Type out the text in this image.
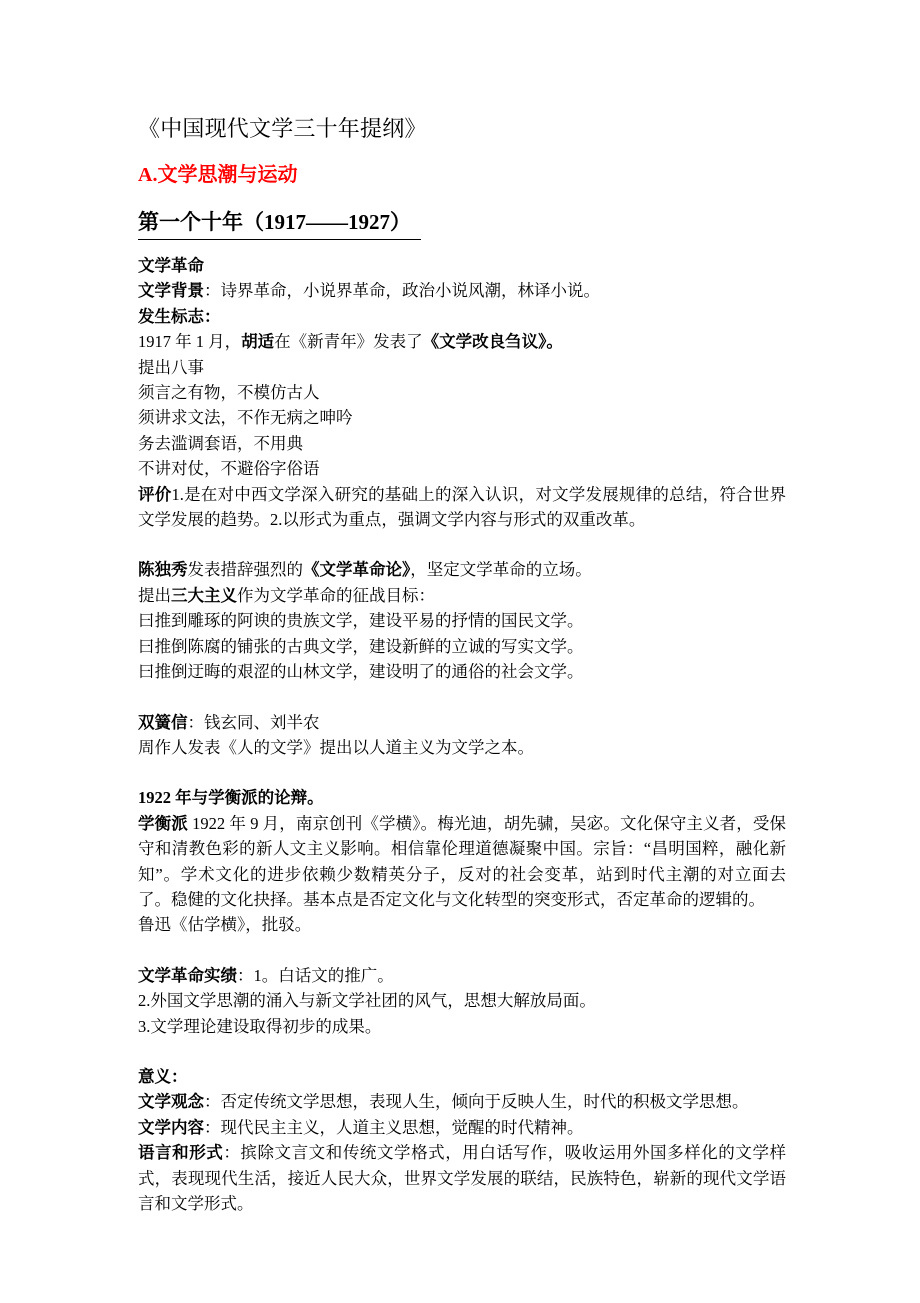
《中国现代文学三十年提纲》
A.文学思潮与运动
第一个十年（1917——1927）
文学革命
文学背景：诗界革命，小说界革命，政治小说风潮，林译小说。
发生标志：
1917 年 1 月，胡适在《新青年》发表了《文学改良刍议》。
提出八事
须言之有物，不模仿古人
须讲求文法，不作无病之呻吟
务去滥调套语，不用典
不讲对仗，不避俗字俗语
评价1.是在对中西文学深入研究的基础上的深入认识，对文学发展规律的总结，符合世界文学发展的趋势。2.以形式为重点，强调文学内容与形式的双重改革。
陈独秀发表措辞强烈的《文学革命论》，坚定文学革命的立场。
提出三大主义作为文学革命的征战目标：
曰推到雕琢的阿谀的贵族文学，建设平易的抒情的国民文学。
曰推倒陈腐的铺张的古典文学，建设新鲜的立诚的写实文学。
曰推倒迂晦的艰涩的山林文学，建设明了的通俗的社会文学。
双簧信：钱玄同、刘半农
周作人发表《人的文学》提出以人道主义为文学之本。
1922 年与学衡派的论辩。
学衡派 1922 年 9 月，南京创刊《学横》。梅光迪，胡先骕，吴宓。文化保守主义者，受保守和清教色彩的新人文主义影响。相信靠伦理道德凝聚中国。宗旨：“昌明国粹，融化新知”。学术文化的进步依赖少数精英分子，反对的社会变革，站到时代主潮的对立面去了。稳健的文化抉择。基本点是否定文化与文化转型的突变形式，否定革命的逻辑的。
鲁迅《估学横》，批驳。
文学革命实绩：1。白话文的推广。
2.外国文学思潮的涌入与新文学社团的风气，思想大解放局面。
3.文学理论建设取得初步的成果。
意义：
文学观念：否定传统文学思想，表现人生，倾向于反映人生，时代的积极文学思想。
文学内容：现代民主主义，人道主义思想，觉醒的时代精神。
语言和形式：摈除文言文和传统文学格式，用白话写作，吸收运用外国多样化的文学样式，表现现代生活，接近人民大众，世界文学发展的联结，民族特色，崭新的现代文学语言和文学形式。
